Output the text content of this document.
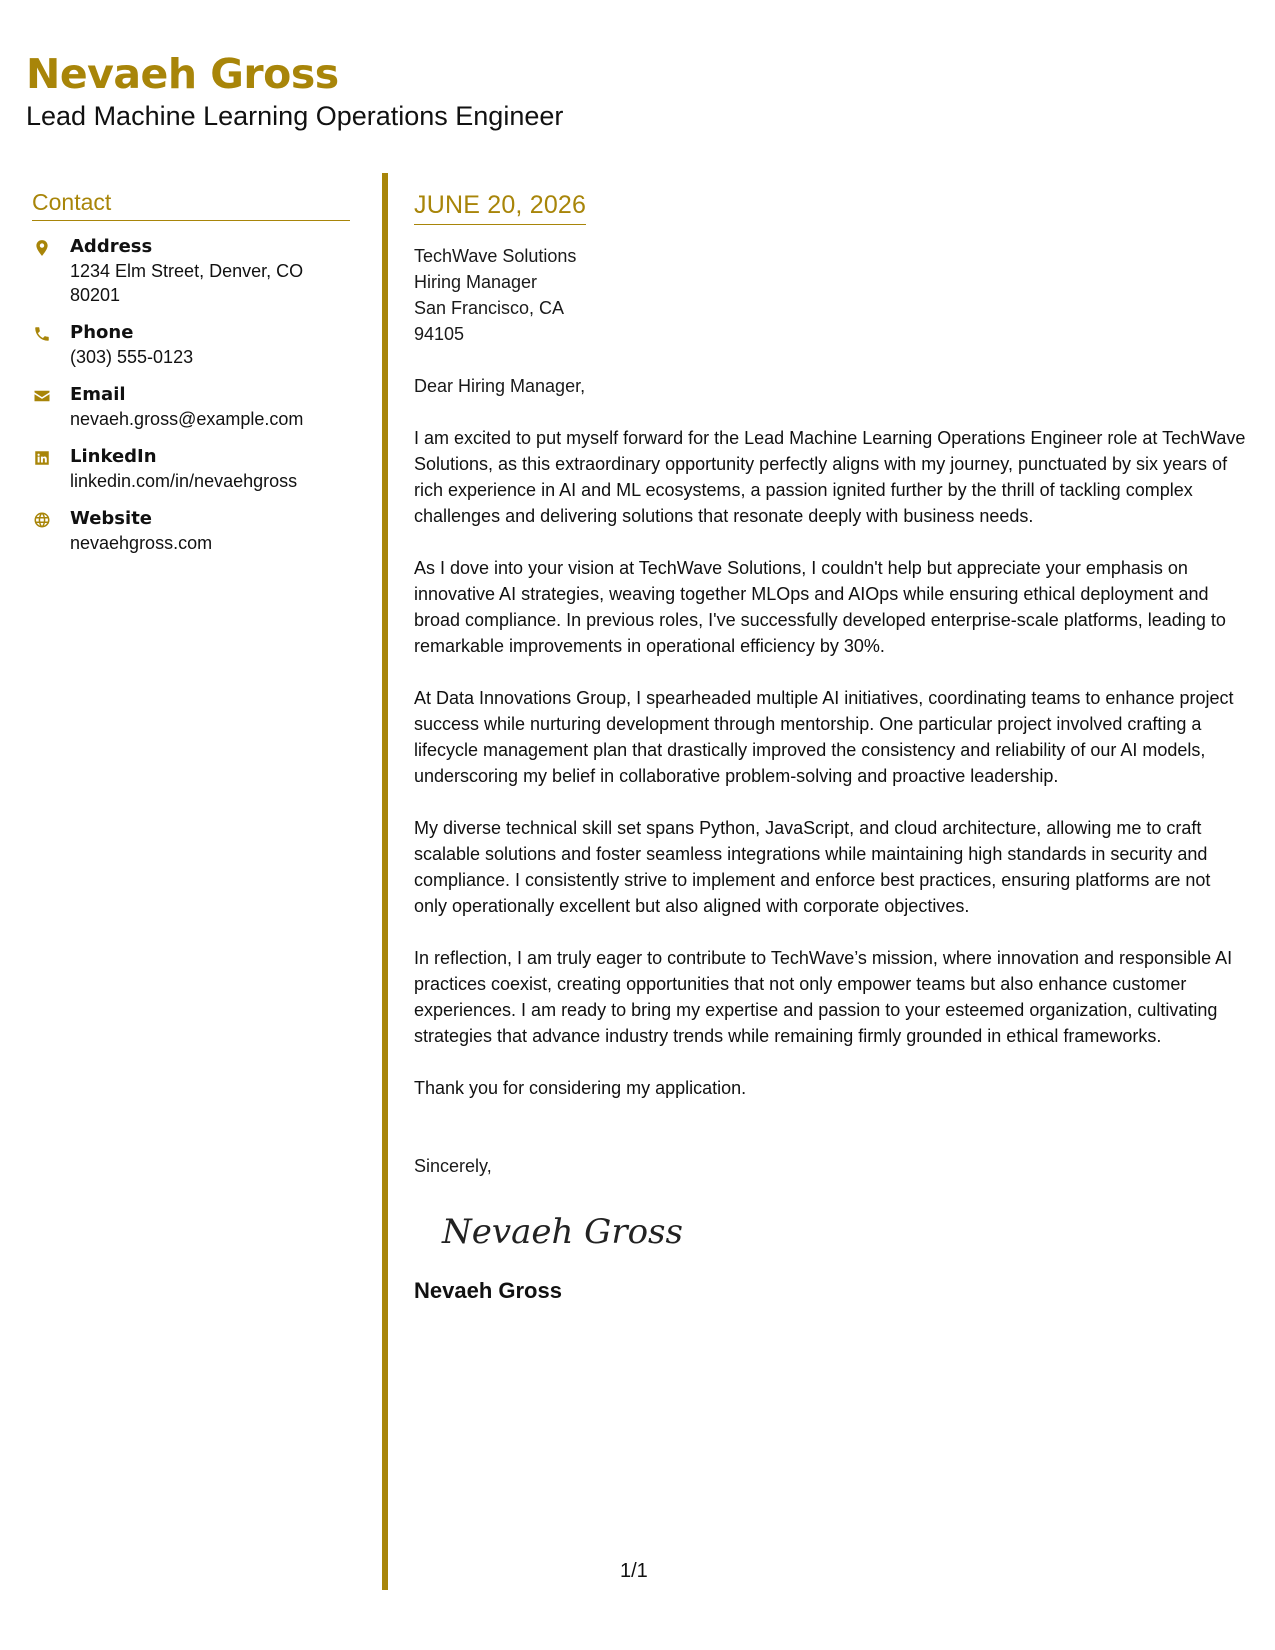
Nevaeh Gross
Lead Machine Learning Operations Engineer
Contact
Address
1234 Elm Street, Denver, CO 80201
Phone
(303) 555-0123
Email
nevaeh.gross@example.com
LinkedIn
linkedin.com/in/nevaehgross
Website
nevaehgross.com
JUNE 20, 2026
TechWave Solutions
Hiring Manager
San Francisco, CA
94105
Dear Hiring Manager,

I am excited to put myself forward for the Lead Machine Learning Operations Engineer role at TechWave Solutions, as this extraordinary opportunity perfectly aligns with my journey, punctuated by six years of rich experience in AI and ML ecosystems, a passion ignited further by the thrill of tackling complex challenges and delivering solutions that resonate deeply with business needs.

As I dove into your vision at TechWave Solutions, I couldn't help but appreciate your emphasis on innovative AI strategies, weaving together MLOps and AIOps while ensuring ethical deployment and broad compliance. In previous roles, I've successfully developed enterprise-scale platforms, leading to remarkable improvements in operational efficiency by 30%.

At Data Innovations Group, I spearheaded multiple AI initiatives, coordinating teams to enhance project success while nurturing development through mentorship. One particular project involved crafting a lifecycle management plan that drastically improved the consistency and reliability of our AI models, underscoring my belief in collaborative problem-solving and proactive leadership.

My diverse technical skill set spans Python, JavaScript, and cloud architecture, allowing me to craft scalable solutions and foster seamless integrations while maintaining high standards in security and compliance. I consistently strive to implement and enforce best practices, ensuring platforms are not only operationally excellent but also aligned with corporate objectives.

In reflection, I am truly eager to contribute to TechWave’s mission, where innovation and responsible AI practices coexist, creating opportunities that not only empower teams but also enhance customer experiences. I am ready to bring my expertise and passion to your esteemed organization, cultivating strategies that advance industry trends while remaining firmly grounded in ethical frameworks.

Thank you for considering my application.

Sincerely,
Nevaeh Gross
Nevaeh Gross
1/1
